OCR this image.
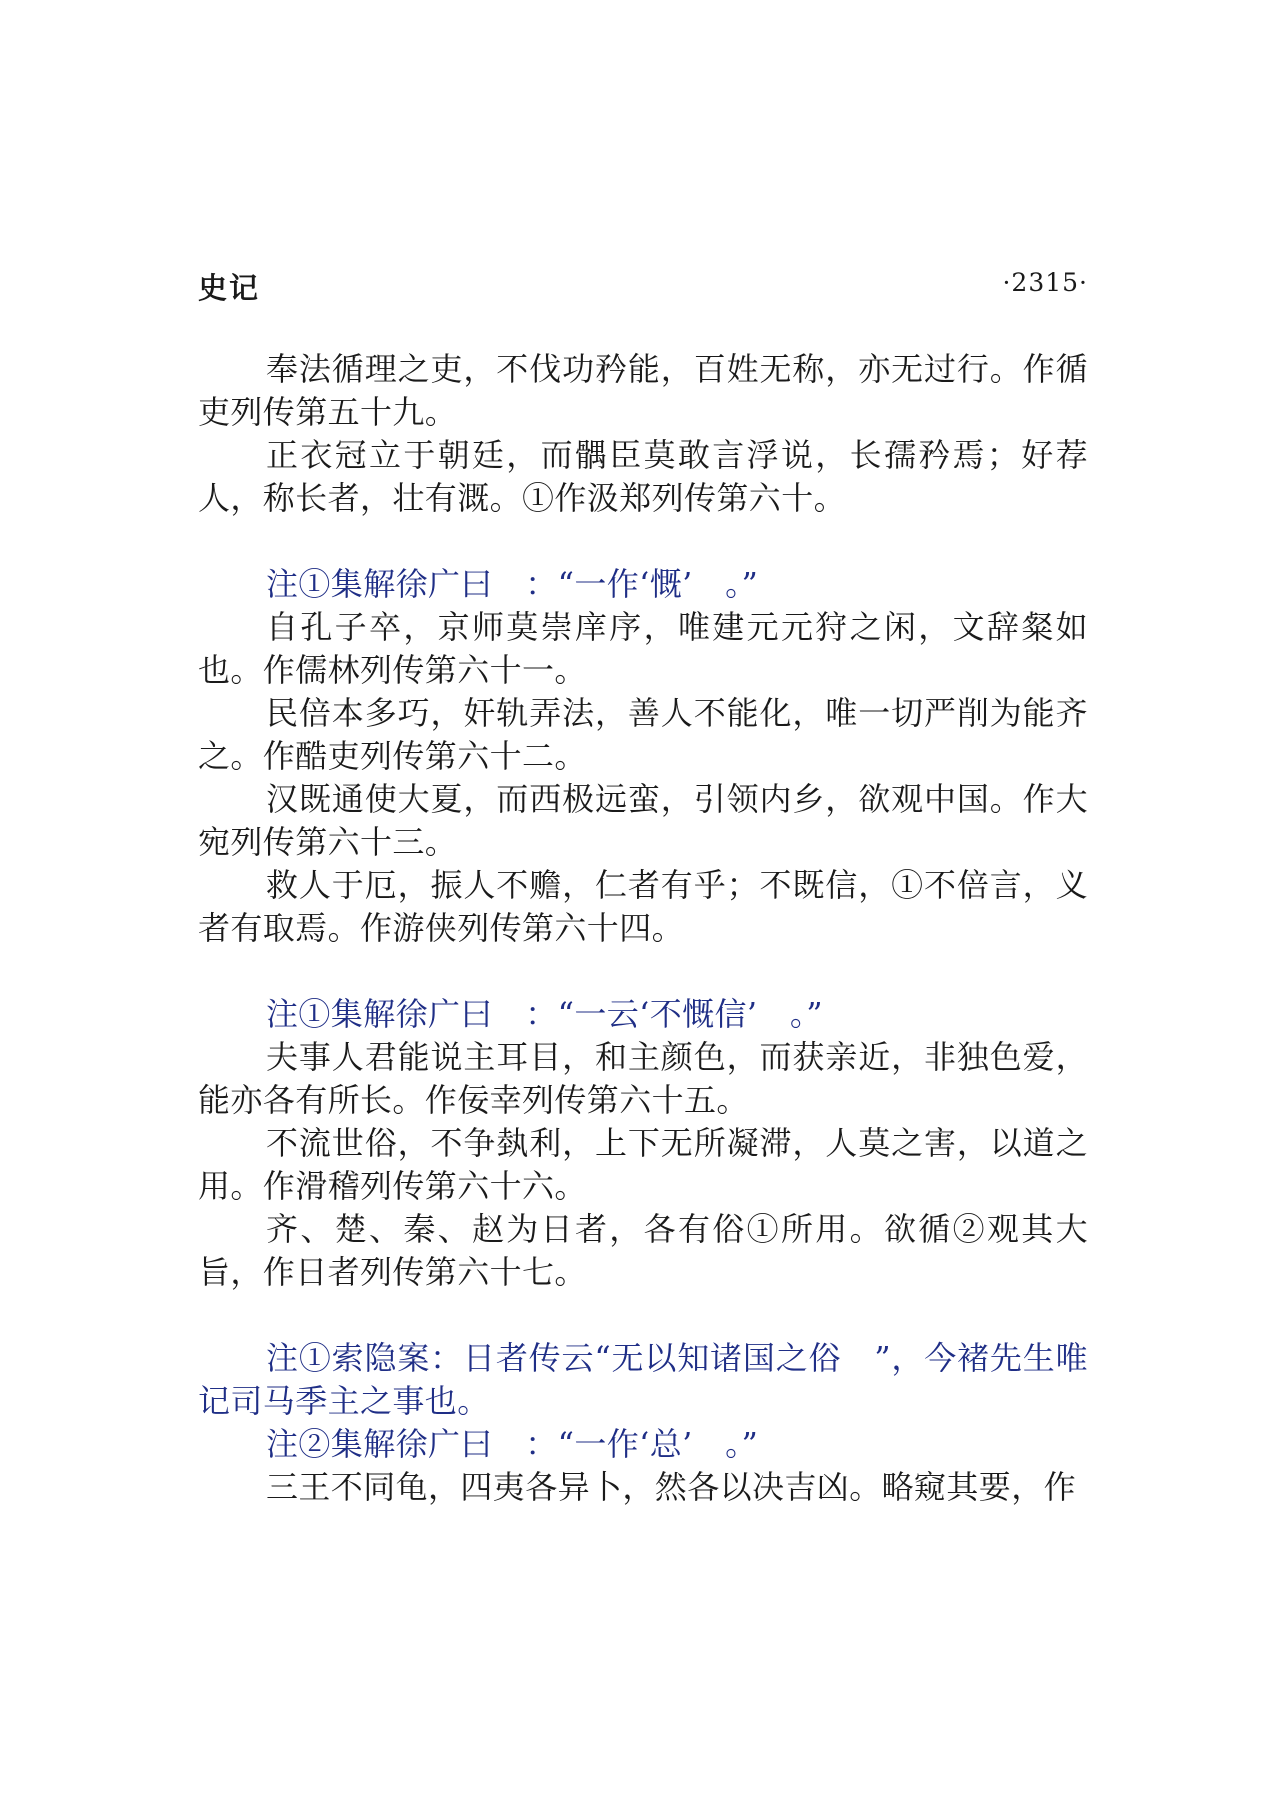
史记	·2315·

奉法循理之吏，不伐功矜能，百姓无称，亦无过行。作循吏列传第五十九。

正衣冠立于朝廷，而髃臣莫敢言浮说，长孺矜焉；好荐人，称长者，壮有溉。①作汲郑列传第六十。

注①集解徐广曰　：“一作‘慨’　。”

自孔子卒，京师莫崇庠序，唯建元元狩之闲，文辞粲如也。作儒林列传第六十一。

民倍本多巧，奸轨弄法，善人不能化，唯一切严削为能齐之。作酷吏列传第六十二。

汉既通使大夏，而西极远蛮，引领内乡，欲观中国。作大宛列传第六十三。

救人于厄，振人不赡，仁者有乎；不既信，①不倍言，义者有取焉。作游侠列传第六十四。

注①集解徐广曰　：“一云‘不慨信’　。”

夫事人君能说主耳目，和主颜色，而获亲近，非独色爱，能亦各有所长。作佞幸列传第六十五。

不流世俗，不争埶利，上下无所凝滞，人莫之害，以道之用。作滑稽列传第六十六。

齐、楚、秦、赵为日者，各有俗①所用。欲循②观其大旨，作日者列传第六十七。

注①索隐案：日者传云“无以知诸国之俗　”，今褚先生唯记司马季主之事也。

注②集解徐广曰　：“一作‘总’　。”

三王不同龟，四夷各异卜，然各以决吉凶。略窥其要，作
